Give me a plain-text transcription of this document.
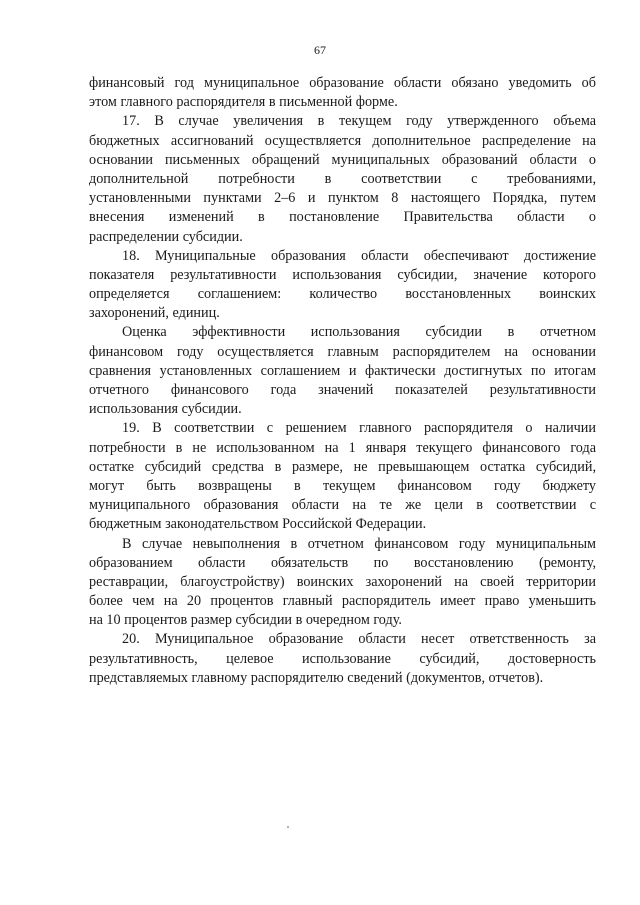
67
финансовый год муниципальное образование области обязано уведомить об
этом главного распорядителя в письменной форме.
17. В случае увеличения в текущем году утвержденного объема
бюджетных ассигнований осуществляется дополнительное распределение на
основании письменных обращений муниципальных образований области о
дополнительной потребности в соответствии с требованиями,
установленными пунктами 2–6 и пунктом 8 настоящего Порядка, путем
внесения изменений в постановление Правительства области о
распределении субсидии.
18. Муниципальные образования области обеспечивают достижение
показателя результативности использования субсидии, значение которого
определяется соглашением: количество восстановленных воинских
захоронений, единиц.
Оценка эффективности использования субсидии в отчетном
финансовом году осуществляется главным распорядителем на основании
сравнения установленных соглашением и фактически достигнутых по итогам
отчетного финансового года значений показателей результативности
использования субсидии.
19. В соответствии с решением главного распорядителя о наличии
потребности в не использованном на 1 января текущего финансового года
остатке субсидий средства в размере, не превышающем остатка субсидий,
могут быть возвращены в текущем финансовом году бюджету
муниципального образования области на те же цели в соответствии с
бюджетным законодательством Российской Федерации.
В случае невыполнения в отчетном финансовом году муниципальным
образованием области обязательств по восстановлению (ремонту,
реставрации, благоустройству) воинских захоронений на своей территории
более чем на 20 процентов главный распорядитель имеет право уменьшить
на 10 процентов размер субсидии в очередном году.
20. Муниципальное образование области несет ответственность за
результативность, целевое использование субсидий, достоверность
представляемых главному распорядителю сведений (документов, отчетов).
